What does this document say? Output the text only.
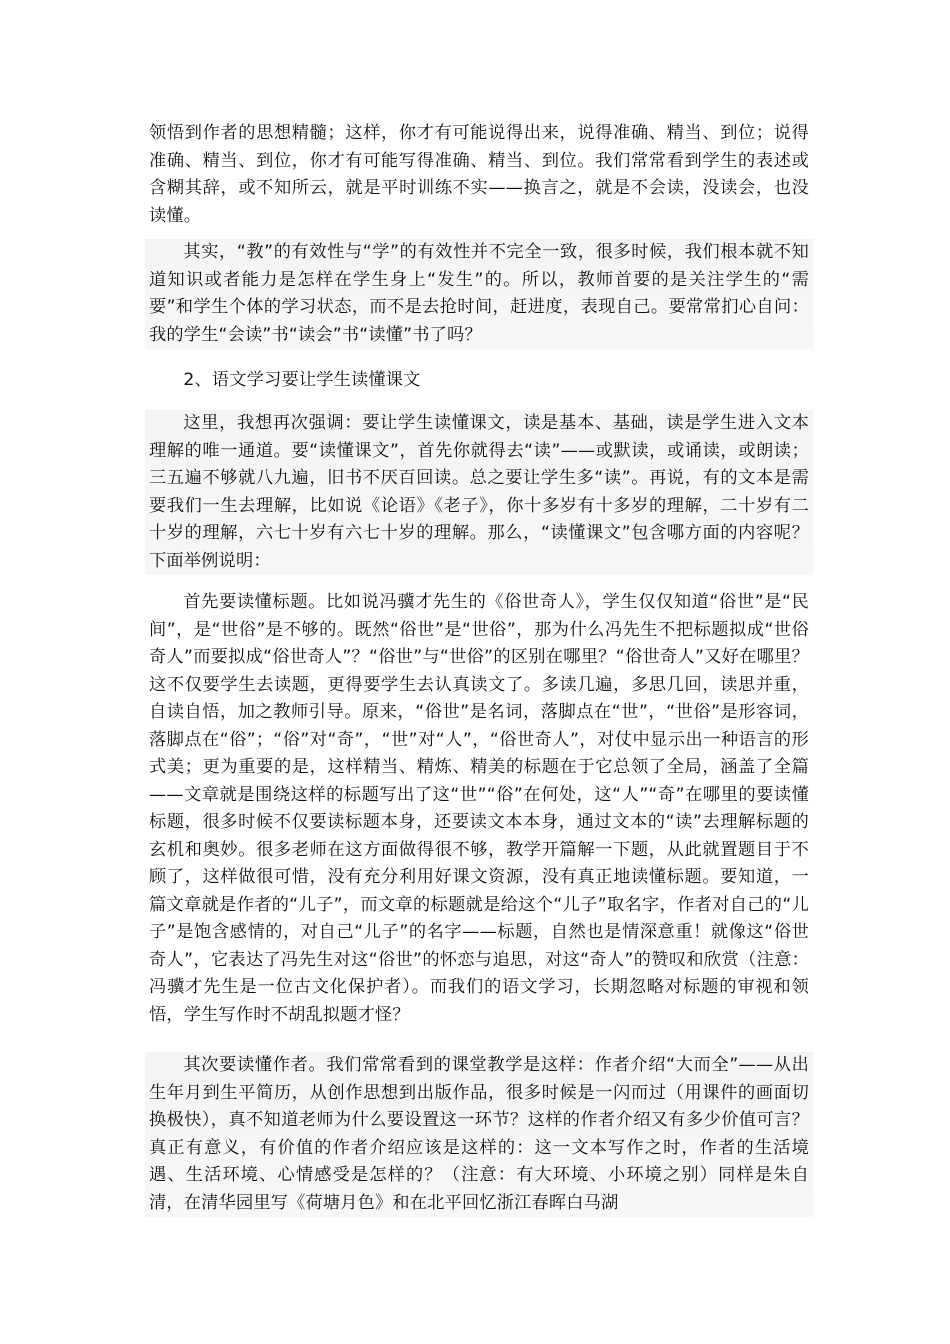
领悟到作者的思想精髓；这样，你才有可能说得出来，说得准确、精当、到位；说得准确、精当、到位，你才有可能写得准确、精当、到位。我们常常看到学生的表述或含糊其辞，或不知所云，就是平时训练不实——换言之，就是不会读，没读会，也没读懂。

其实，“教”的有效性与“学”的有效性并不完全一致，很多时候，我们根本就不知道知识或者能力是怎样在学生身上“发生”的。所以，教师首要的是关注学生的“需要”和学生个体的学习状态，而不是去抢时间，赶进度，表现自己。要常常扪心自问：我的学生“会读”书“读会”书“读懂”书了吗？

2、语文学习要让学生读懂课文

这里，我想再次强调：要让学生读懂课文，读是基本、基础，读是学生进入文本理解的唯一通道。要“读懂课文”，首先你就得去“读”——或默读，或诵读，或朗读；三五遍不够就八九遍，旧书不厌百回读。总之要让学生多“读”。再说，有的文本是需要我们一生去理解，比如说《论语》《老子》，你十多岁有十多岁的理解，二十岁有二十岁的理解，六七十岁有六七十岁的理解。那么，“读懂课文”包含哪方面的内容呢？下面举例说明：

首先要读懂标题。比如说冯骥才先生的《俗世奇人》，学生仅仅知道“俗世”是“民间”，是“世俗”是不够的。既然“俗世”是“世俗”，那为什么冯先生不把标题拟成“世俗奇人”而要拟成“俗世奇人”？“俗世”与“世俗”的区别在哪里？“俗世奇人”又好在哪里？这不仅要学生去读题，更得要学生去认真读文了。多读几遍，多思几回，读思并重，自读自悟，加之教师引导。原来，“俗世”是名词，落脚点在“世”，“世俗”是形容词，落脚点在“俗”；“俗”对“奇”，“世”对“人”，“俗世奇人”，对仗中显示出一种语言的形式美；更为重要的是，这样精当、精炼、精美的标题在于它总领了全局，涵盖了全篇——文章就是围绕这样的标题写出了这“世”“俗”在何处，这“人”“奇”在哪里的要读懂标题，很多时候不仅要读标题本身，还要读文本本身，通过文本的“读”去理解标题的玄机和奥妙。很多老师在这方面做得很不够，教学开篇解一下题，从此就置题目于不顾了，这样做很可惜，没有充分利用好课文资源，没有真正地读懂标题。要知道，一篇文章就是作者的“儿子”，而文章的标题就是给这个“儿子”取名字，作者对自己的“儿子”是饱含感情的，对自己“儿子”的名字——标题，自然也是情深意重！就像这“俗世奇人”，它表达了冯先生对这“俗世”的怀恋与追思，对这“奇人”的赞叹和欣赏（注意：冯骥才先生是一位古文化保护者）。而我们的语文学习，长期忽略对标题的审视和领悟，学生写作时不胡乱拟题才怪？

其次要读懂作者。我们常常看到的课堂教学是这样：作者介绍“大而全”——从出生年月到生平简历，从创作思想到出版作品，很多时候是一闪而过（用课件的画面切换极快），真不知道老师为什么要设置这一环节？这样的作者介绍又有多少价值可言？真正有意义，有价值的作者介绍应该是这样的：这一文本写作之时，作者的生活境遇、生活环境、心情感受是怎样的？（注意：有大环境、小环境之别）同样是朱自清，在清华园里写《荷塘月色》和在北平回忆浙江春晖白马湖
